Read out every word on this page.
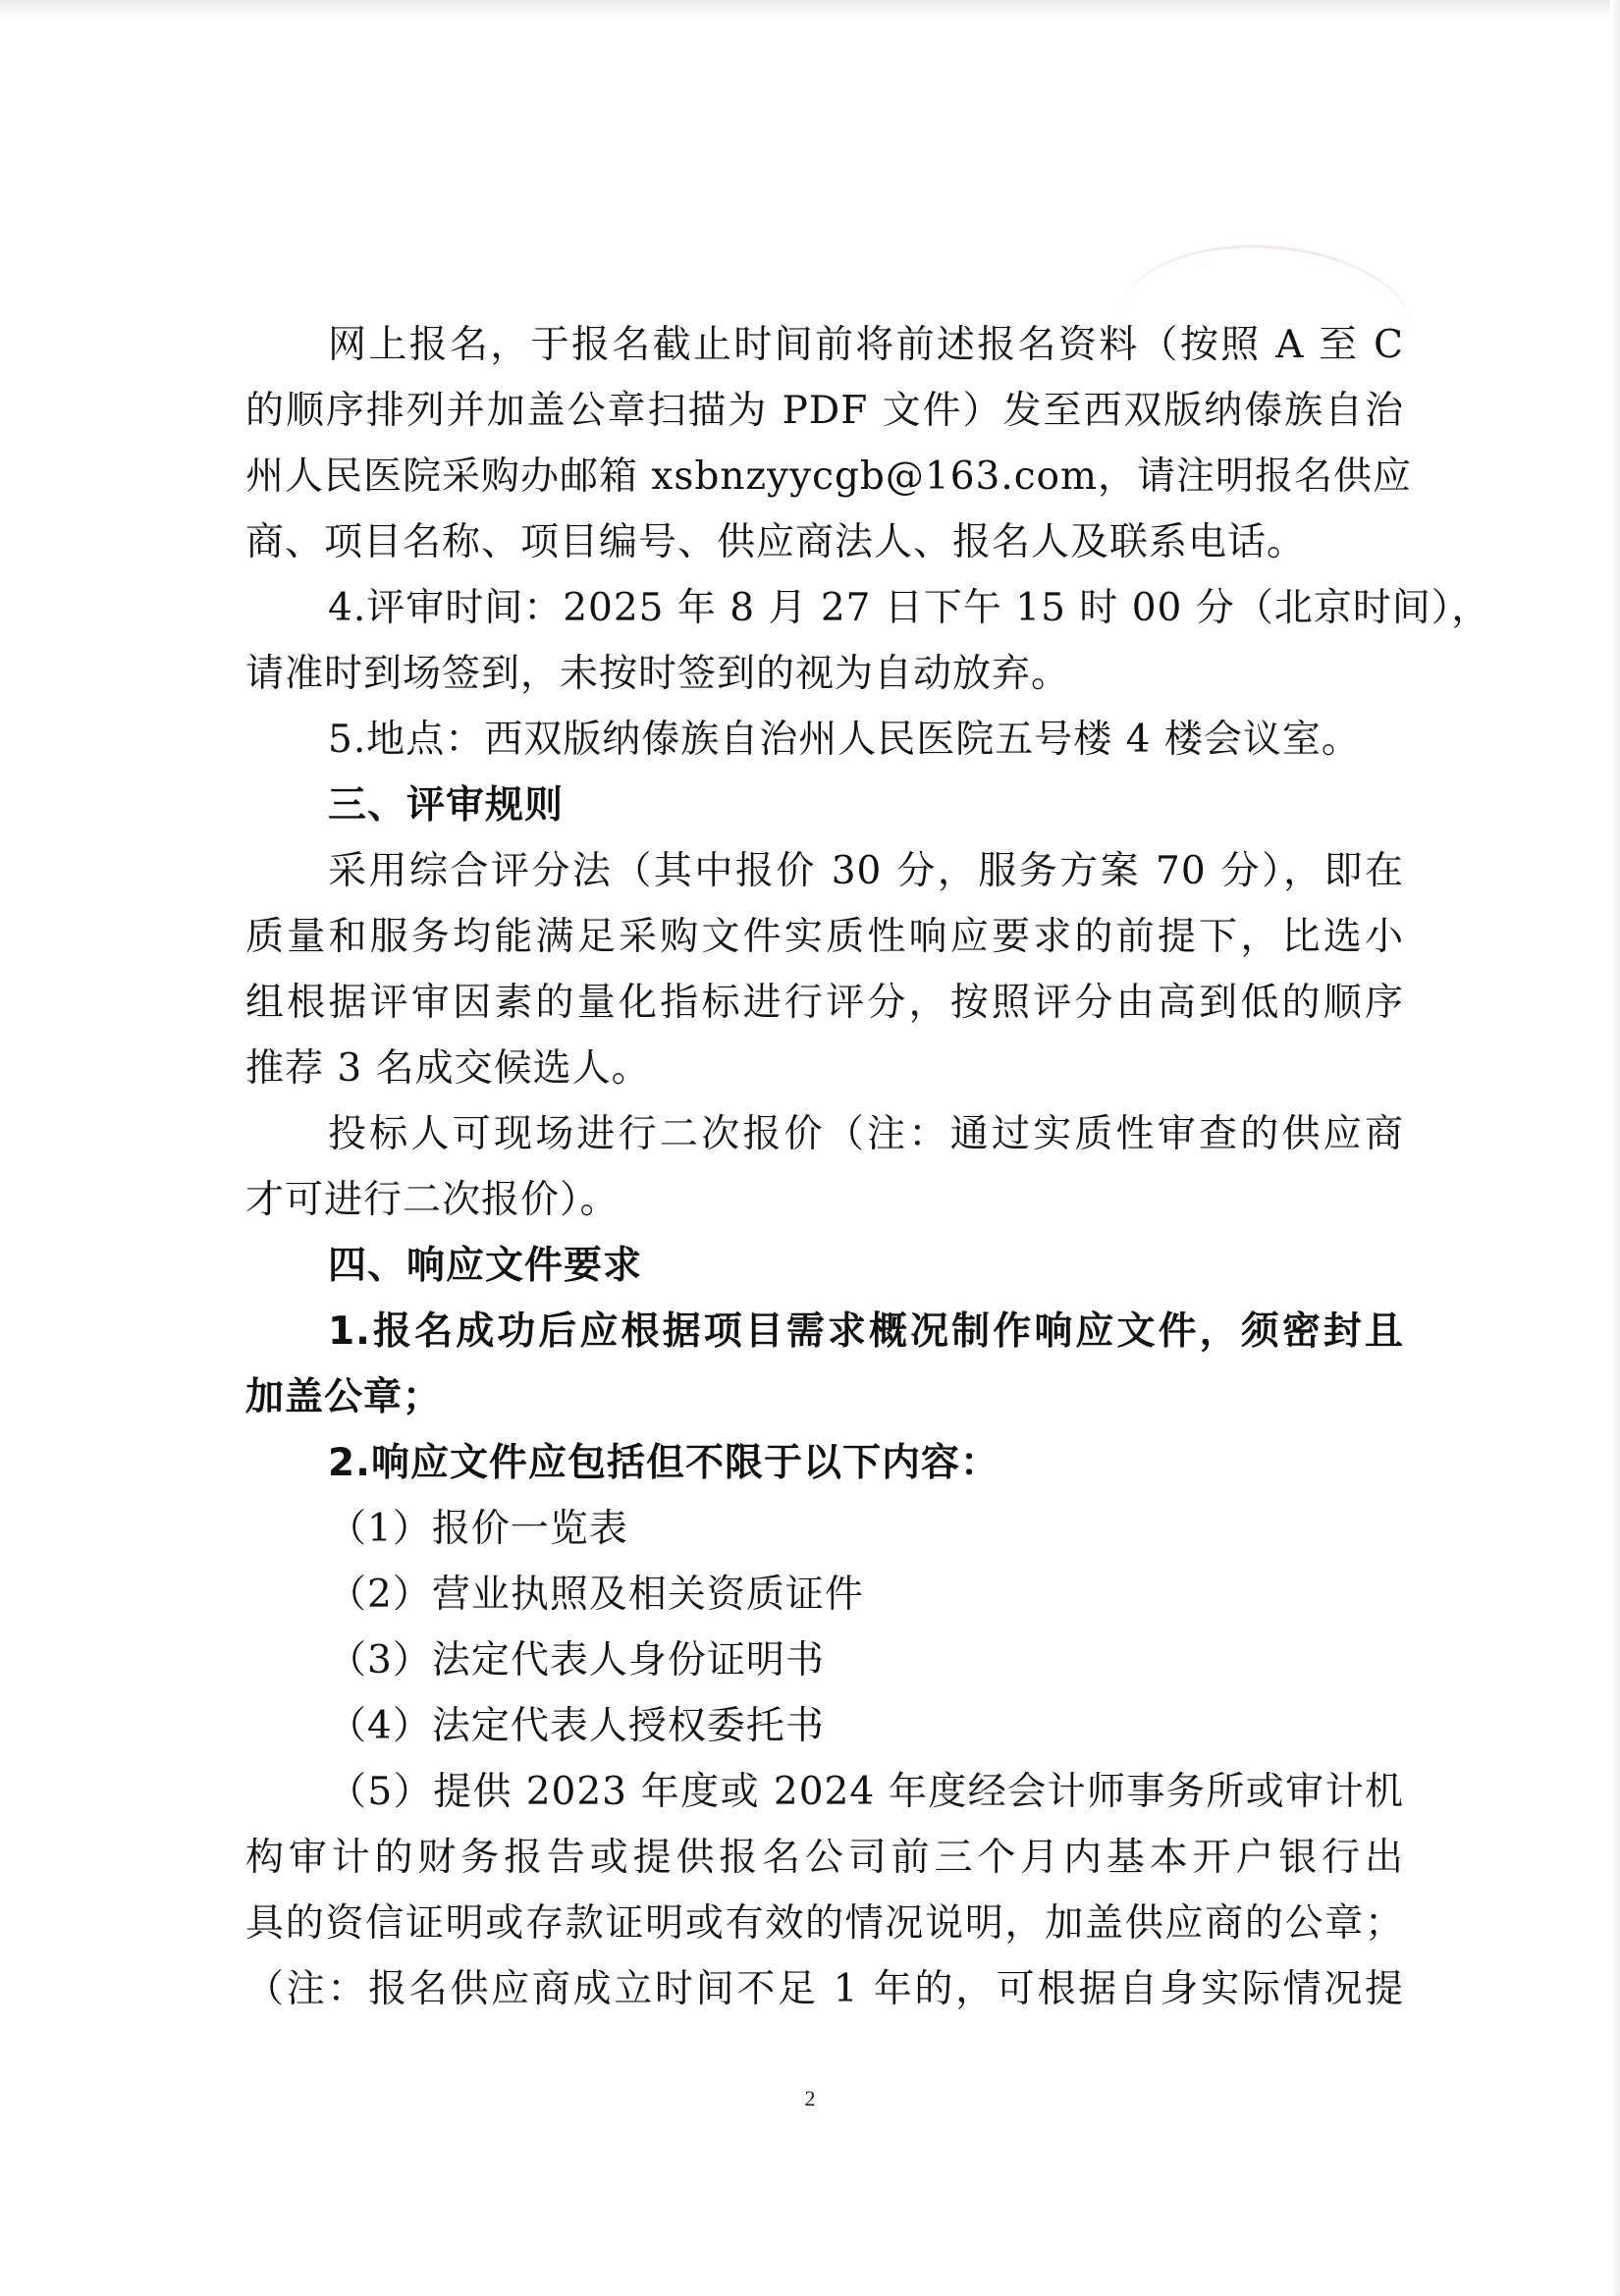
网上报名，于报名截止时间前将前述报名资料（按照 A 至 C
的顺序排列并加盖公章扫描为 PDF 文件）发至西双版纳傣族自治
州人民医院采购办邮箱 xsbnzyycgb@163.com，请注明报名供应
商、项目名称、项目编号、供应商法人、报名人及联系电话。
4.评审时间：2025 年 8 月 27 日下午 15 时 00 分（北京时间），
请准时到场签到，未按时签到的视为自动放弃。
5.地点：西双版纳傣族自治州人民医院五号楼 4 楼会议室。
三、评审规则
采用综合评分法（其中报价 30 分，服务方案 70 分），即在
质量和服务均能满足采购文件实质性响应要求的前提下，比选小
组根据评审因素的量化指标进行评分，按照评分由高到低的顺序
推荐 3 名成交候选人。
投标人可现场进行二次报价（注：通过实质性审查的供应商
才可进行二次报价）。
四、响应文件要求
1.报名成功后应根据项目需求概况制作响应文件，须密封且
加盖公章；
2.响应文件应包括但不限于以下内容：
（1）报价一览表
（2）营业执照及相关资质证件
（3）法定代表人身份证明书
（4）法定代表人授权委托书
（5）提供 2023 年度或 2024 年度经会计师事务所或审计机
构审计的财务报告或提供报名公司前三个月内基本开户银行出
具的资信证明或存款证明或有效的情况说明，加盖供应商的公章；
（注：报名供应商成立时间不足 1 年的，可根据自身实际情况提
2
